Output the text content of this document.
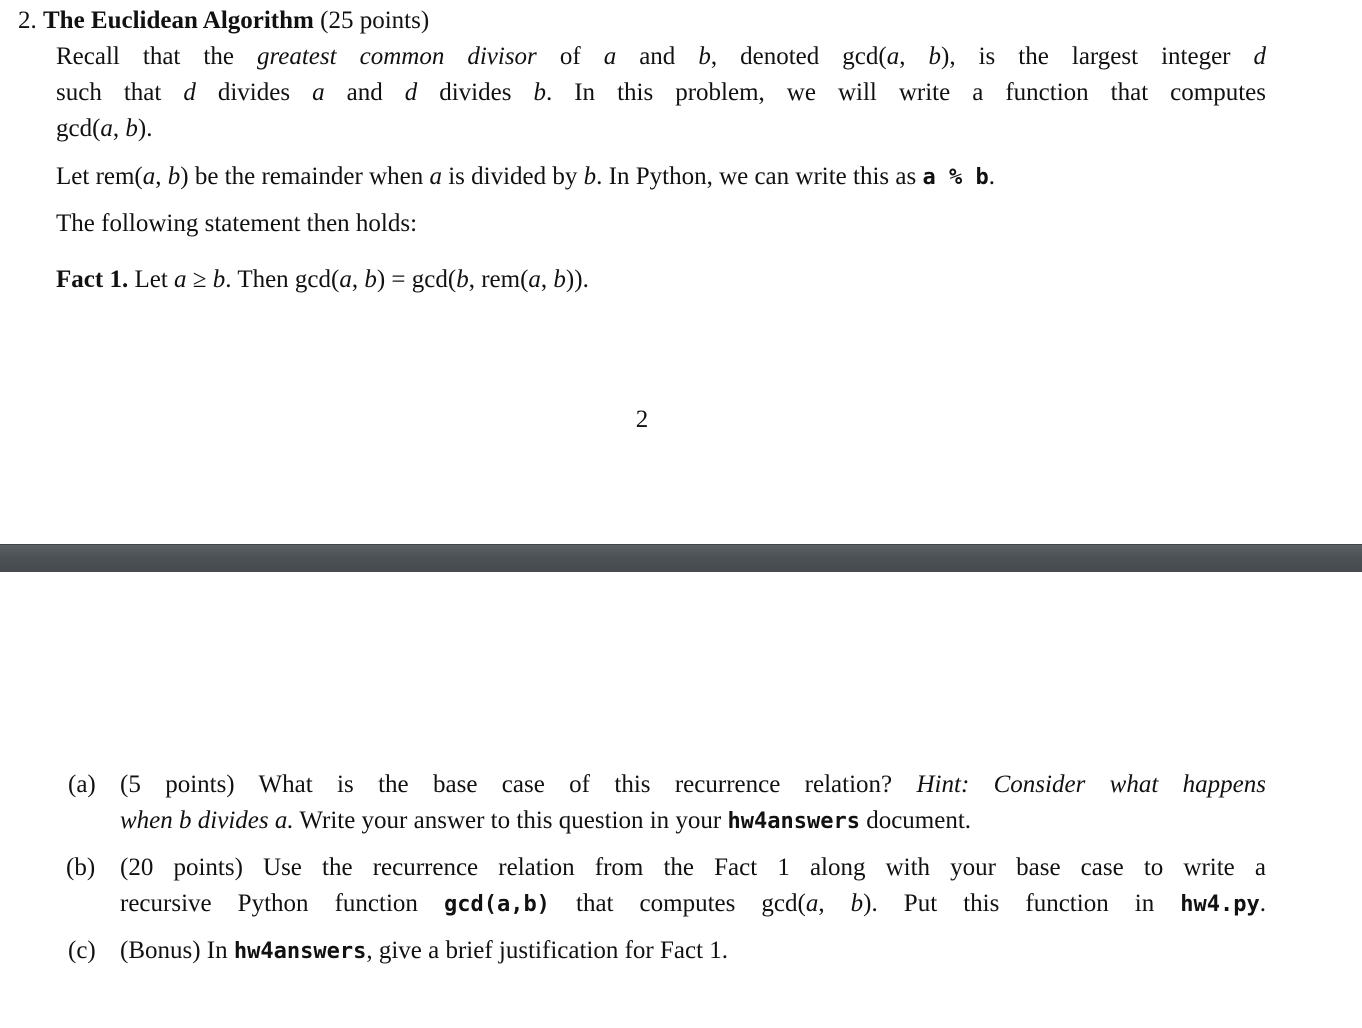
2. The Euclidean Algorithm (25 points)
Recall that the greatest common divisor of a and b, denoted gcd(a, b), is the largest integer d
such that d divides a and d divides b. In this problem, we will write a function that computes
gcd(a, b).
Let rem(a, b) be the remainder when a is divided by b. In Python, we can write this as a % b.
The following statement then holds:
Fact 1. Let a ≥ b. Then gcd(a, b) = gcd(b, rem(a, b)).
2
(a) (5 points) What is the base case of this recurrence relation? Hint: Consider what happens
when b divides a. Write your answer to this question in your hw4answers document.
(b) (20 points) Use the recurrence relation from the Fact 1 along with your base case to write a
recursive Python function gcd(a,b) that computes gcd(a, b). Put this function in hw4.py.
(c) (Bonus) In hw4answers, give a brief justification for Fact 1.
